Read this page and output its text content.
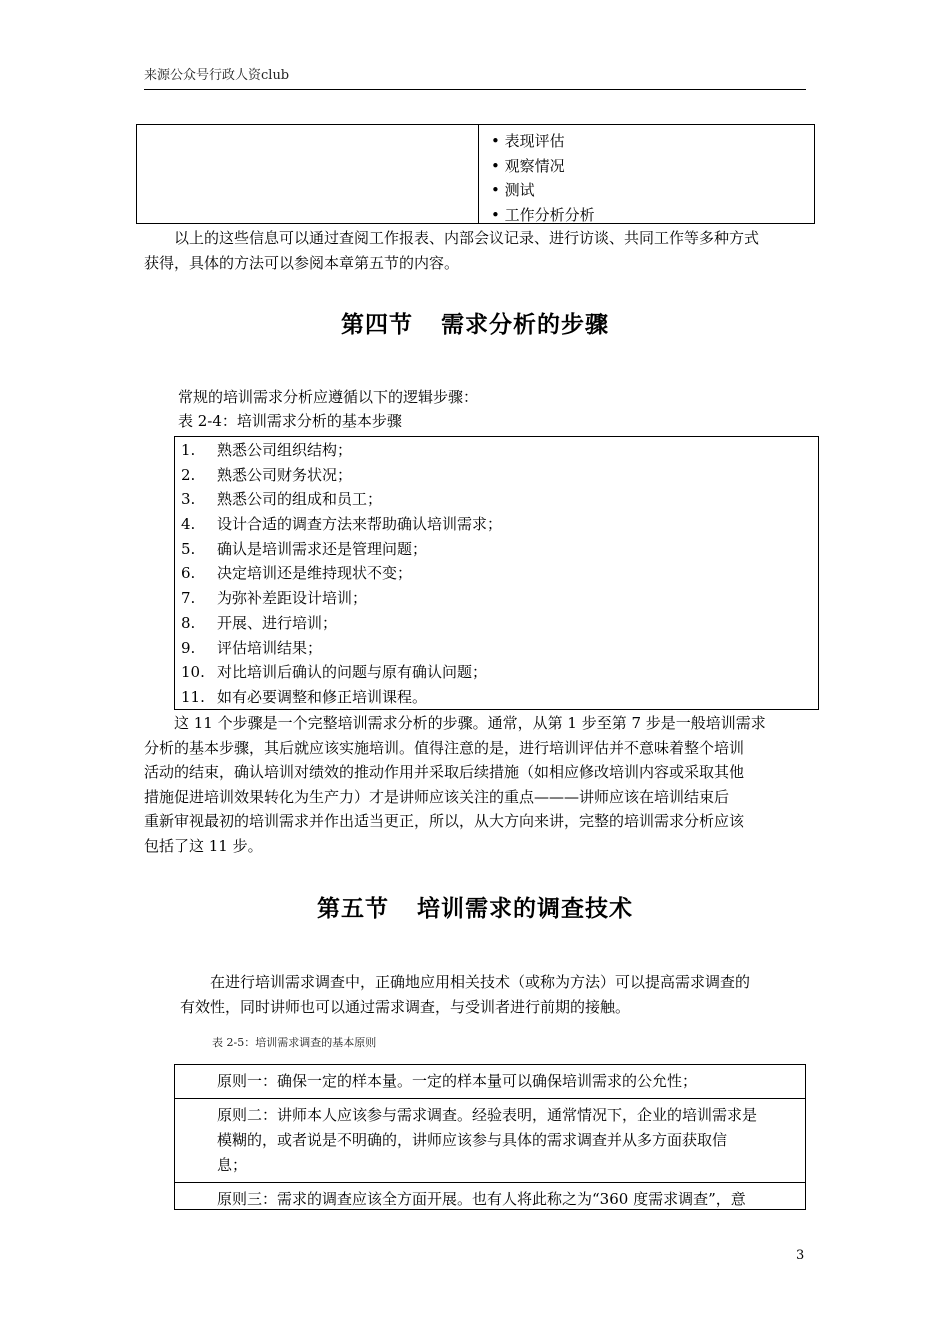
来源公众号行政人资club
• 表现评估
• 观察情况
• 测试
• 工作分析分析
以上的这些信息可以通过查阅工作报表、内部会议记录、进行访谈、共同工作等多种方式
获得，具体的方法可以参阅本章第五节的内容。
第四节 需求分析的步骤
常规的培训需求分析应遵循以下的逻辑步骤：
表 2-4：培训需求分析的基本步骤
1.	熟悉公司组织结构；
2.	熟悉公司财务状况；
3.	熟悉公司的组成和员工；
4.	设计合适的调查方法来帮助确认培训需求；
5.	确认是培训需求还是管理问题；
6.	决定培训还是维持现状不变；
7.	为弥补差距设计培训；
8.	开展、进行培训；
9.	评估培训结果；
10. 对比培训后确认的问题与原有确认问题；
11. 如有必要调整和修正培训课程。
这 11 个步骤是一个完整培训需求分析的步骤。通常，从第 1 步至第 7 步是一般培训需求
分析的基本步骤，其后就应该实施培训。值得注意的是，进行培训评估并不意味着整个培训
活动的结束，确认培训对绩效的推动作用并采取后续措施（如相应修改培训内容或采取其他
措施促进培训效果转化为生产力）才是讲师应该关注的重点———讲师应该在培训结束后
重新审视最初的培训需求并作出适当更正，所以，从大方向来讲，完整的培训需求分析应该
包括了这 11 步。
第五节 培训需求的调查技术
在进行培训需求调查中，正确地应用相关技术（或称为方法）可以提高需求调查的
有效性，同时讲师也可以通过需求调查，与受训者进行前期的接触。
表 2-5：培训需求调查的基本原则
原则一：确保一定的样本量。一定的样本量可以确保培训需求的公允性；
原则二：讲师本人应该参与需求调查。经验表明，通常情况下，企业的培训需求是
模糊的，或者说是不明确的，讲师应该参与具体的需求调查并从多方面获取信
息；
原则三：需求的调查应该全方面开展。也有人将此称之为“360 度需求调查”，意
3
